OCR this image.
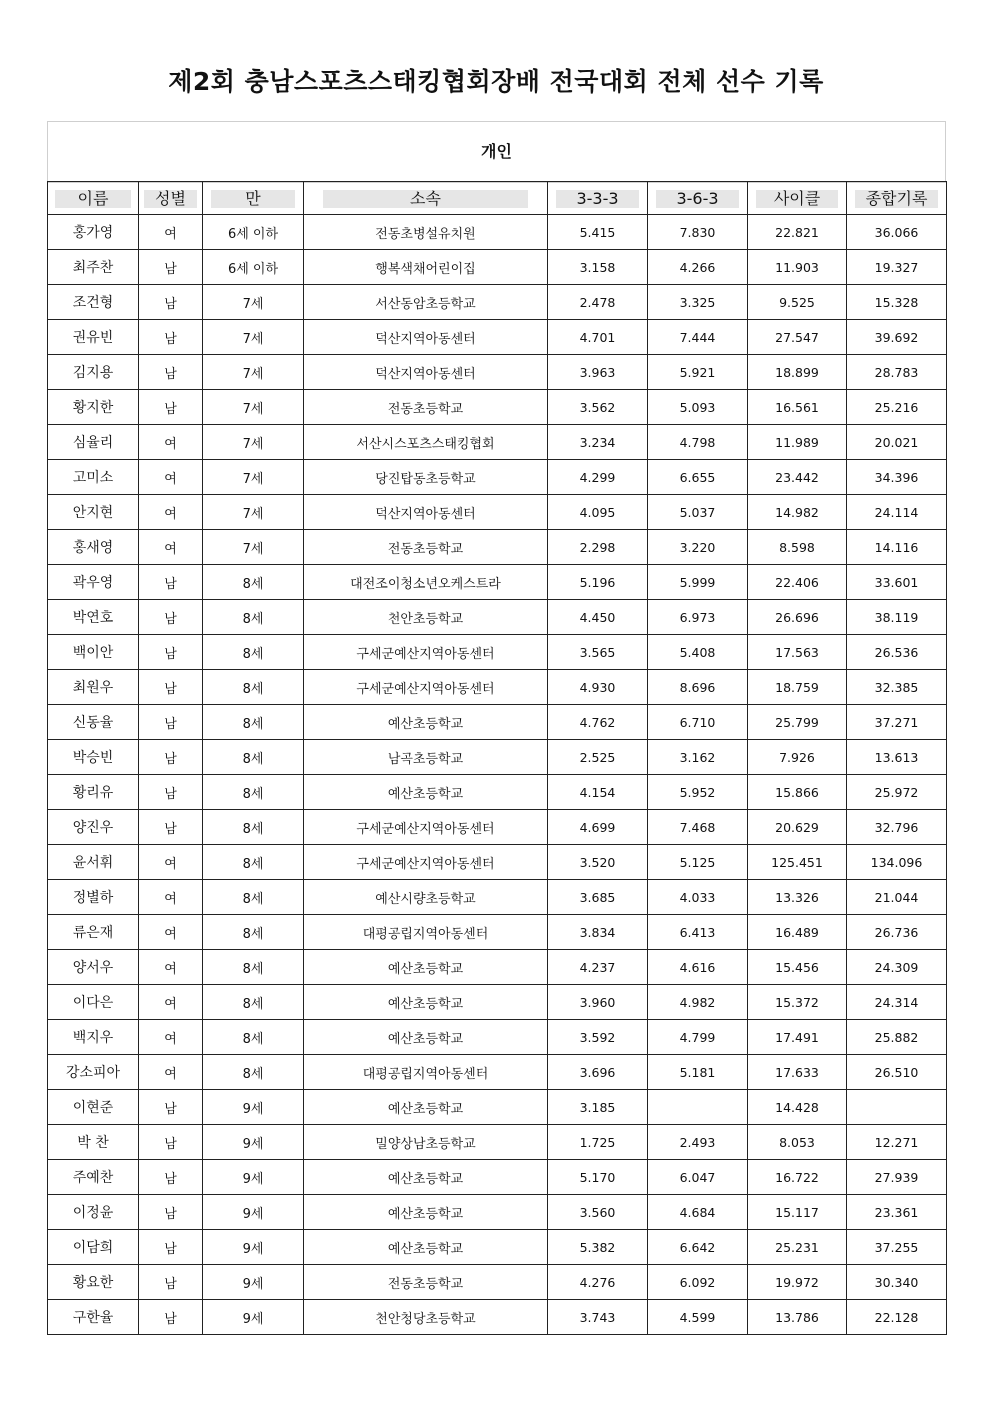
제2회 충남스포츠스태킹협회장배 전국대회 전체 선수 기록
개인
이름	성별	만	소속	3-3-3	3-6-3	사이클	종합기록
홍가영	여	6세 이하	전동초병설유치원	5.415	7.830	22.821	36.066
최주찬	남	6세 이하	행복색채어린이집	3.158	4.266	11.903	19.327
조건형	남	7세	서산동암초등학교	2.478	3.325	9.525	15.328
권유빈	남	7세	덕산지역아동센터	4.701	7.444	27.547	39.692
김지용	남	7세	덕산지역아동센터	3.963	5.921	18.899	28.783
황지한	남	7세	전동초등학교	3.562	5.093	16.561	25.216
심율리	여	7세	서산시스포츠스태킹협회	3.234	4.798	11.989	20.021
고미소	여	7세	당진탑동초등학교	4.299	6.655	23.442	34.396
안지현	여	7세	덕산지역아동센터	4.095	5.037	14.982	24.114
홍새영	여	7세	전동초등학교	2.298	3.220	8.598	14.116
곽우영	남	8세	대전조이청소년오케스트라	5.196	5.999	22.406	33.601
박연호	남	8세	천안초등학교	4.450	6.973	26.696	38.119
백이안	남	8세	구세군예산지역아동센터	3.565	5.408	17.563	26.536
최원우	남	8세	구세군예산지역아동센터	4.930	8.696	18.759	32.385
신동율	남	8세	예산초등학교	4.762	6.710	25.799	37.271
박승빈	남	8세	남곡초등학교	2.525	3.162	7.926	13.613
황리유	남	8세	예산초등학교	4.154	5.952	15.866	25.972
양진우	남	8세	구세군예산지역아동센터	4.699	7.468	20.629	32.796
윤서휘	여	8세	구세군예산지역아동센터	3.520	5.125	125.451	134.096
정별하	여	8세	예산시량초등학교	3.685	4.033	13.326	21.044
류은재	여	8세	대평공립지역아동센터	3.834	6.413	16.489	26.736
양서우	여	8세	예산초등학교	4.237	4.616	15.456	24.309
이다은	여	8세	예산초등학교	3.960	4.982	15.372	24.314
백지우	여	8세	예산초등학교	3.592	4.799	17.491	25.882
강소피아	여	8세	대평공립지역아동센터	3.696	5.181	17.633	26.510
이현준	남	9세	예산초등학교	3.185		14.428	
박 찬	남	9세	밀양상남초등학교	1.725	2.493	8.053	12.271
주예찬	남	9세	예산초등학교	5.170	6.047	16.722	27.939
이정윤	남	9세	예산초등학교	3.560	4.684	15.117	23.361
이담희	남	9세	예산초등학교	5.382	6.642	25.231	37.255
황요한	남	9세	전동초등학교	4.276	6.092	19.972	30.340
구한율	남	9세	천안청당초등학교	3.743	4.599	13.786	22.128
